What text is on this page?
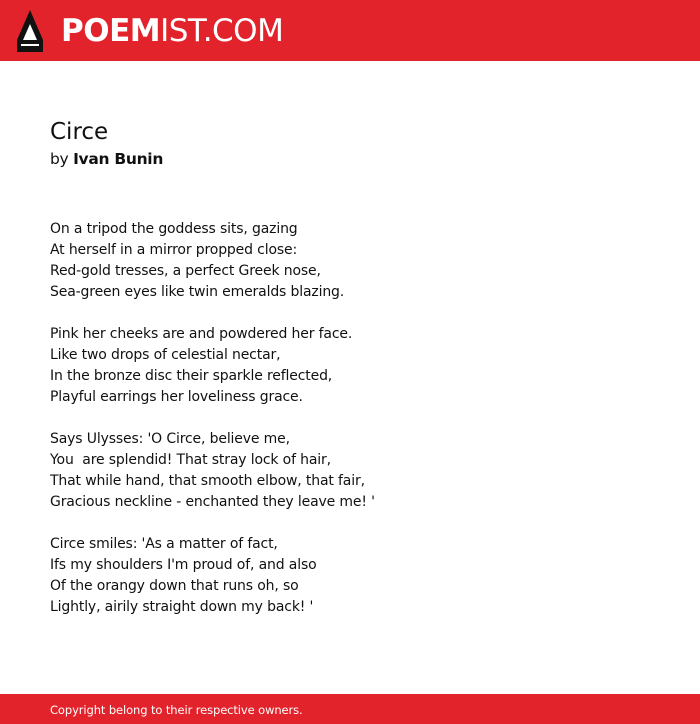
POEMIST.COM
Circe
by Ivan Bunin
On a tripod the goddess sits, gazing
At herself in a mirror propped close:
Red-gold tresses, a perfect Greek nose,
Sea-green eyes like twin emeralds blazing.
Pink her cheeks are and powdered her face.
Like two drops of celestial nectar,
In the bronze disc their sparkle reflected,
Playful earrings her loveliness grace.
Says Ulysses: 'O Circe, believe me,
You  are splendid! That stray lock of hair,
That while hand, that smooth elbow, that fair,
Gracious neckline - enchanted they leave me! '
Circe smiles: 'As a matter of fact,
Ifs my shoulders I'm proud of, and also
Of the orangy down that runs oh, so
Lightly, airily straight down my back! '
Copyright belong to their respective owners.
